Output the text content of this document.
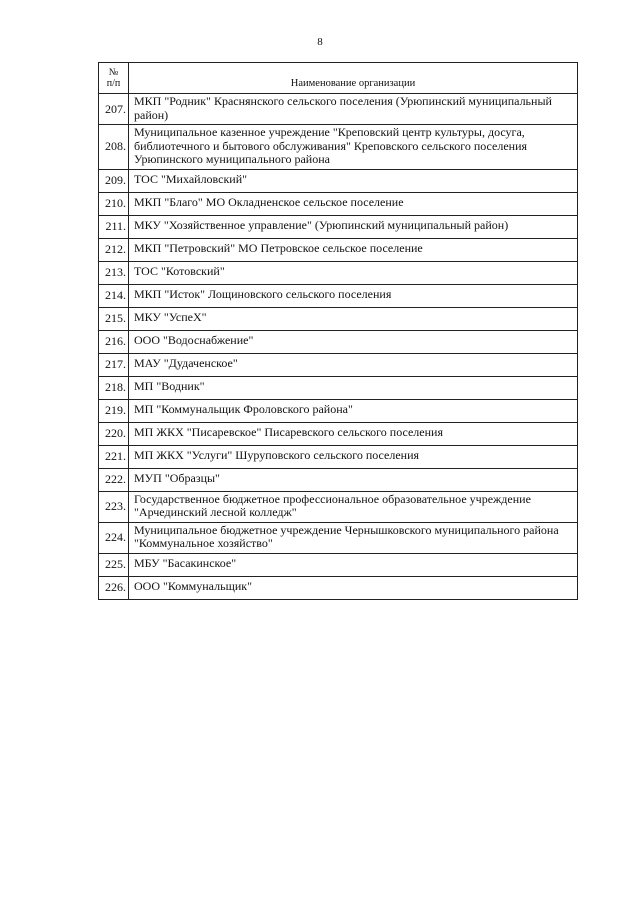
8
№
п/п	Наименование организации
207.	МКП "Родник" Краснянского сельского поселения (Урюпинский муниципальный район)
208.	Муниципальное казенное учреждение "Креповский центр культуры, досуга, библиотечного и бытового обслуживания" Креповского сельского поселения Урюпинского муниципального района
209.	ТОС "Михайловский"
210.	МКП "Благо" МО Окладненское сельское поселение
211.	МКУ "Хозяйственное управление" (Урюпинский муниципальный район)
212.	МКП "Петровский" МО Петровское сельское поселение
213.	ТОС "Котовский"
214.	МКП "Исток" Лощиновского сельского поселения
215.	МКУ "УспеХ"
216.	ООО "Водоснабжение"
217.	МАУ "Дудаченское"
218.	МП "Водник"
219.	МП "Коммунальщик Фроловского района"
220.	МП ЖКХ "Писаревское" Писаревского сельского поселения
221.	МП ЖКХ "Услуги" Шуруповского сельского поселения
222.	МУП "Образцы"
223.	Государственное бюджетное профессиональное образовательное учреждение "Арчединский лесной колледж"
224.	Муниципальное бюджетное учреждение Чернышковского муниципального района "Коммунальное хозяйство"
225.	МБУ "Басакинское"
226.	ООО "Коммунальщик"
